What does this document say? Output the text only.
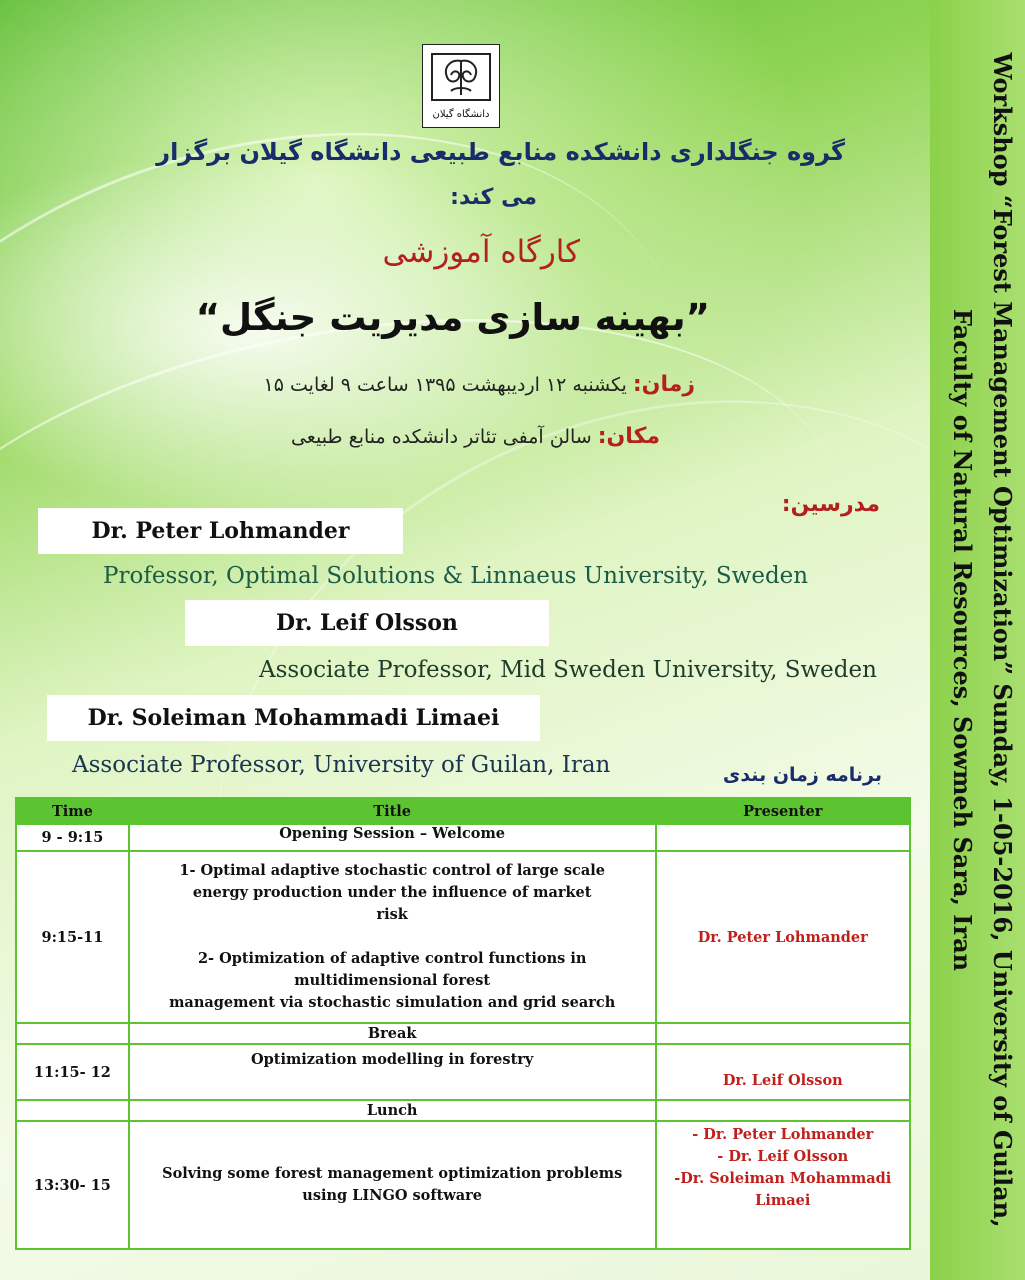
Workshop “Forest Management Optimization” Sunday, 1-05-2016, University of Guilan,
Faculty of Natural Resources, Sowmeh Sara, Iran
دانشگاه گیلان
گروه جنگلداری دانشکده منابع طبیعی دانشگاه گیلان برگزار
می کند:
کارگاه آموزشی
”بهینه سازی مدیریت جنگل“
زمان: یکشنبه ۱۲ اردیبهشت ۱۳۹۵ ساعت ۹ لغایت ۱۵
مکان: سالن آمفی تئاتر دانشکده منابع طبیعی
مدرسین:
Dr. Peter Lohmander
Professor, Optimal Solutions & Linnaeus University, Sweden
Dr. Leif Olsson
Associate Professor, Mid Sweden University, Sweden
Dr. Soleiman Mohammadi Limaei
Associate Professor, University of Guilan, Iran	برنامه زمان بندی
Time	Title	Presenter
9 - 9:15	Opening Session – Welcome	
9:15-11	1- Optimal adaptive stochastic control of large scale energy production under the influence of market risk
2- Optimization of adaptive control functions in multidimensional forest
management via stochastic simulation and grid search	Dr. Peter Lohmander
	Break	
11:15- 12	Optimization modelling in forestry	Dr. Leif Olsson
	Lunch	
13:30- 15	Solving some forest management optimization problems using LINGO software	- Dr. Peter Lohmander
- Dr. Leif Olsson
-Dr. Soleiman Mohammadi Limaei
